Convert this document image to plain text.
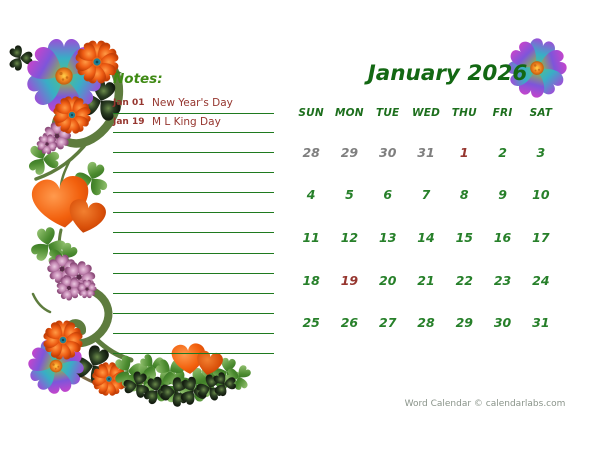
Notes:
Jan 01 New Year's Day
Jan 19 M L King Day
January 2026
SUN	MON	TUE	WED	THU	FRI	SAT
28	29	30	31	1	2	3
4	5	6	7	8	9	10
11	12	13	14	15	16	17
18	19	20	21	22	23	24
25	26	27	28	29	30	31
Word Calendar © calendarlabs.com
